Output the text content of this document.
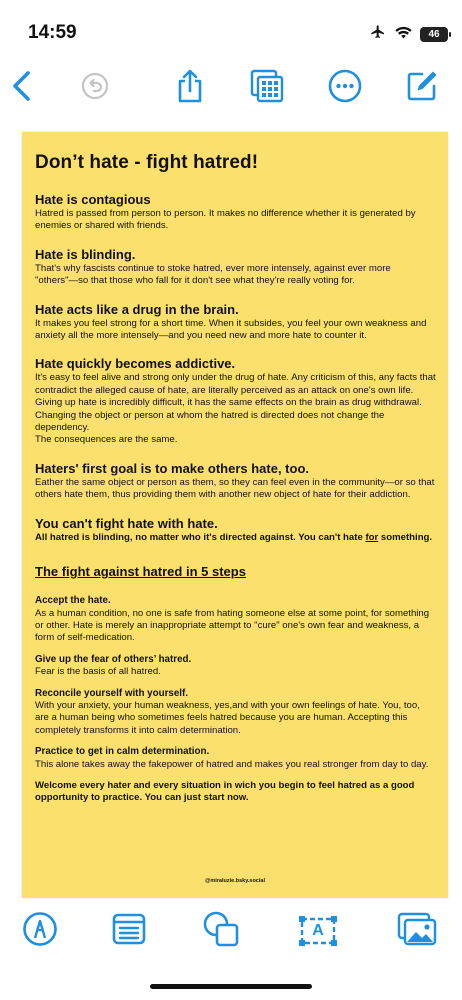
14:59	46
Don’t hate - fight hatred!
Hate is contagious

Hatred is passed from person to person. It makes no difference whether it is generated by enemies or shared with friends.

Hate is blinding.

That's why fascists continue to stoke hatred, ever more intensely, against ever more "others"—so that those who fall for it don't see what they're really voting for.

Hate acts like a drug in the brain.

It makes you feel strong for a short time. When it subsides, you feel your own weakness and anxiety all the more intensely—and you need new and more hate to counter it.

Hate quickly becomes addictive.

It's easy to feel alive and strong only under the drug of hate. Any criticism of this, any facts that contradict the alleged cause of hate, are literally perceived as an attack on one's own life.

Giving up hate is incredibly difficult, it has the same effects on the brain as drug withdrawal.

Changing the object or person at whom the hatred is directed does not change the dependency.

The consequences are the same.

Haters' first goal is to make others hate, too.

Eather the same object or person as them, so they can feel even in the community—or so that others hate them, thus providing them with another new object of hate for their addiction.

You can't fight hate with hate.

All hatred is blinding, no matter who it's directed against. You can't hate for something.

The fight against hatred in 5 steps
Accept the hate.

As a human condition, no one is safe from hating someone else at some point, for something or other. Hate is merely an inappropriate attempt to "cure" one's own fear and weakness, a form of self-medication.

Give up the fear of others’ hatred.

Fear is the basis of all hatred.

Reconcile yourself with yourself.

With your anxiety, your human weakness, yes,and with your own feelings of hate. You, too, are a human being who sometimes feels hatred because you are human. Accepting this completely transforms it into calm determination.

Practice to get in calm determination.

This alone takes away the fakepower of hatred and makes you real stronger from day to day.

Welcome every hater and every situation in wich you begin to feel hatred as a good opportunity to practice. You can just start now.

@miraluzie.bsky.social
A
